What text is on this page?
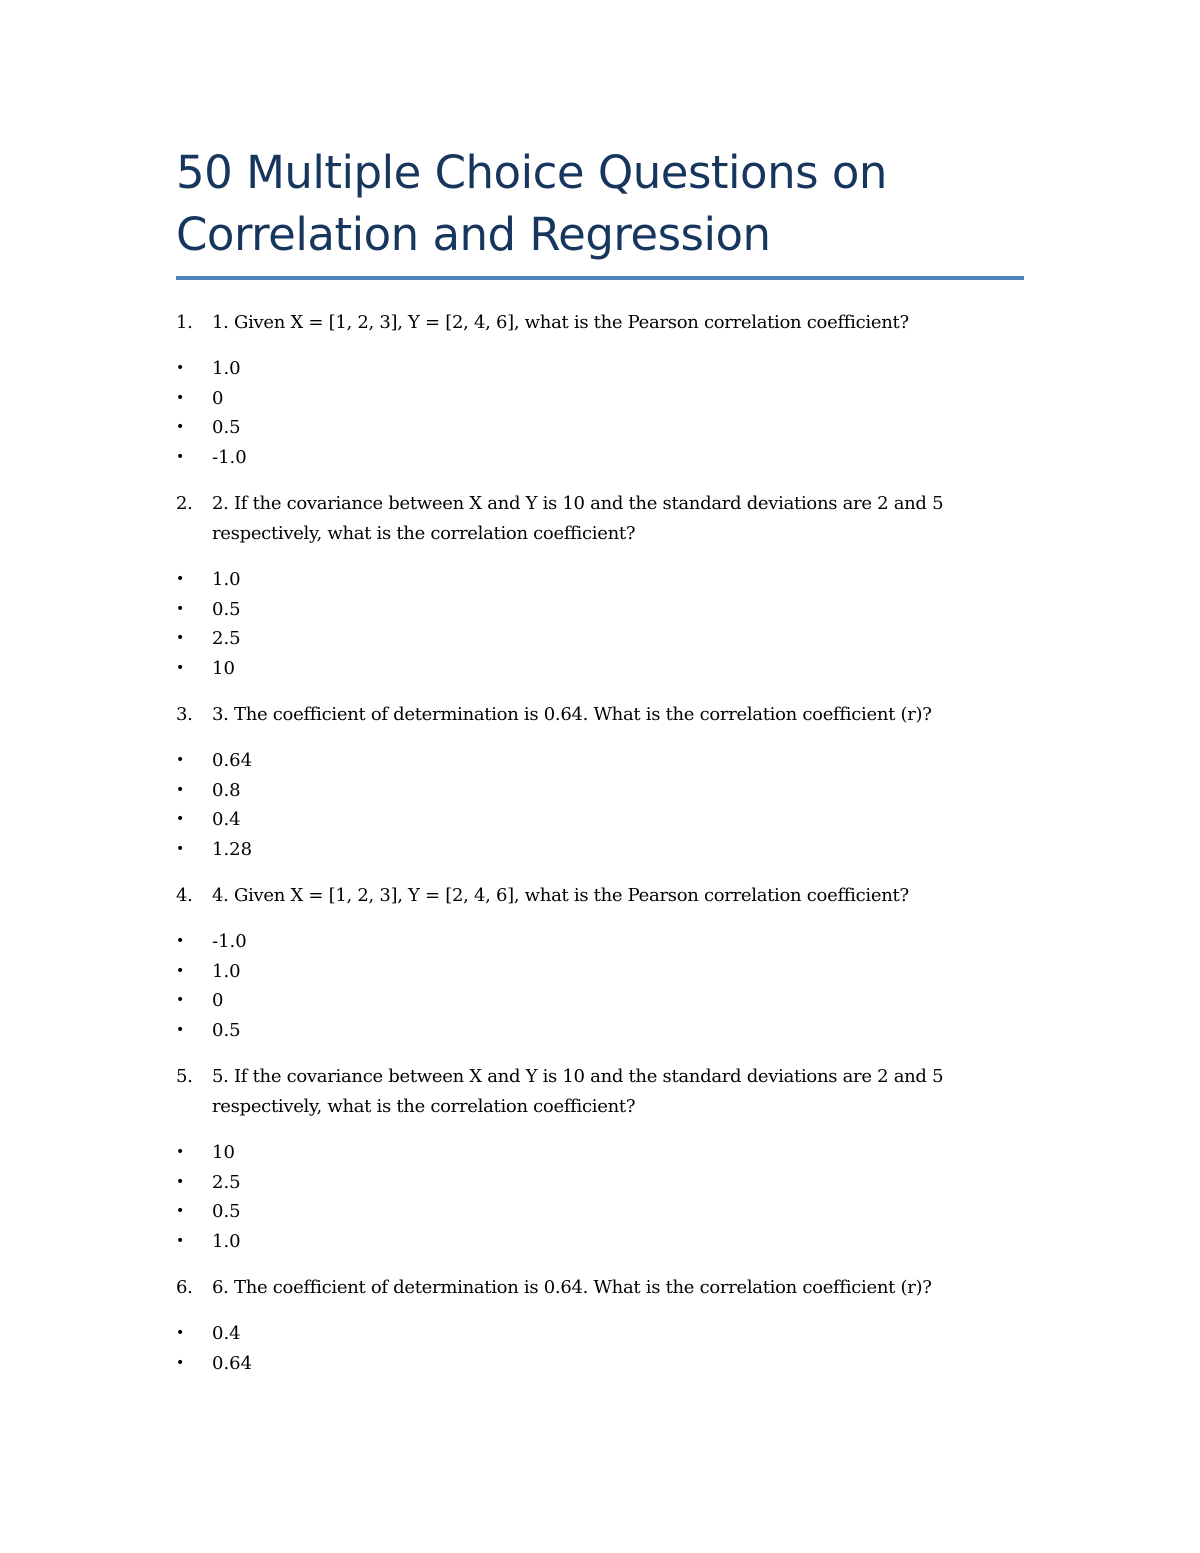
50 Multiple Choice Questions on Correlation and Regression
1.	1. Given X = [1, 2, 3], Y = [2, 4, 6], what is the Pearson correlation coefficient?
•	1.0
•	0
•	0.5
•	-1.0
2.	2. If the covariance between X and Y is 10 and the standard deviations are 2 and 5 respectively, what is the correlation coefficient?
•	1.0
•	0.5
•	2.5
•	10
3.	3. The coefficient of determination is 0.64. What is the correlation coefficient (r)?
•	0.64
•	0.8
•	0.4
•	1.28
4.	4. Given X = [1, 2, 3], Y = [2, 4, 6], what is the Pearson correlation coefficient?
•	-1.0
•	1.0
•	0
•	0.5
5.	5. If the covariance between X and Y is 10 and the standard deviations are 2 and 5 respectively, what is the correlation coefficient?
•	10
•	2.5
•	0.5
•	1.0
6.	6. The coefficient of determination is 0.64. What is the correlation coefficient (r)?
•	0.4
•	0.64
